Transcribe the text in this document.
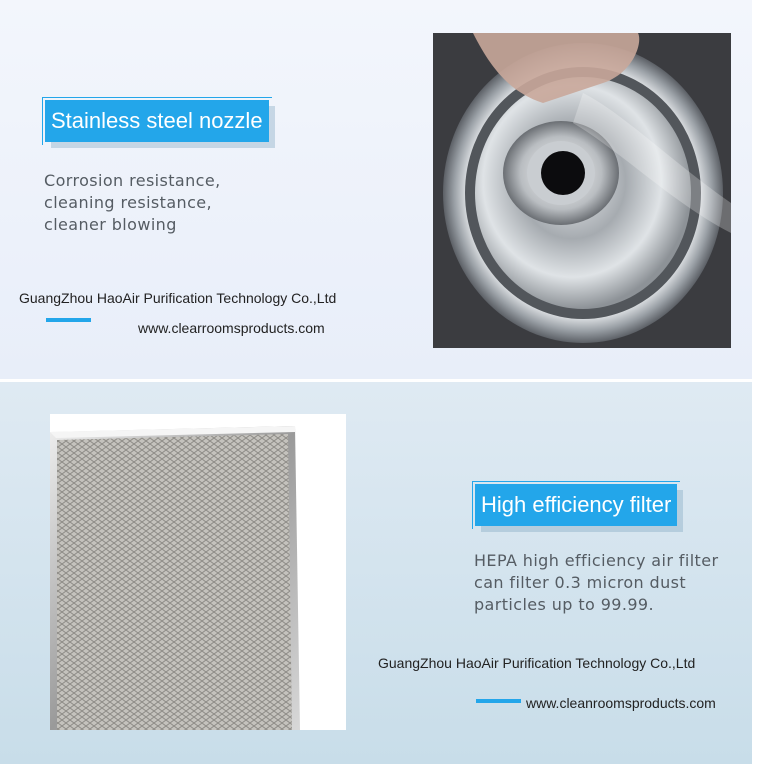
Stainless steel nozzle
Corrosion resistance,
cleaning resistance,
cleaner blowing
GuangZhou HaoAir Purification Technology Co.,Ltd
www.clearroomsproducts.com
High efficiency filter
HEPA high efficiency air filter
can filter 0.3 micron dust
particles up to 99.99.
GuangZhou HaoAir Purification Technology Co.,Ltd
www.cleanroomsproducts.com
